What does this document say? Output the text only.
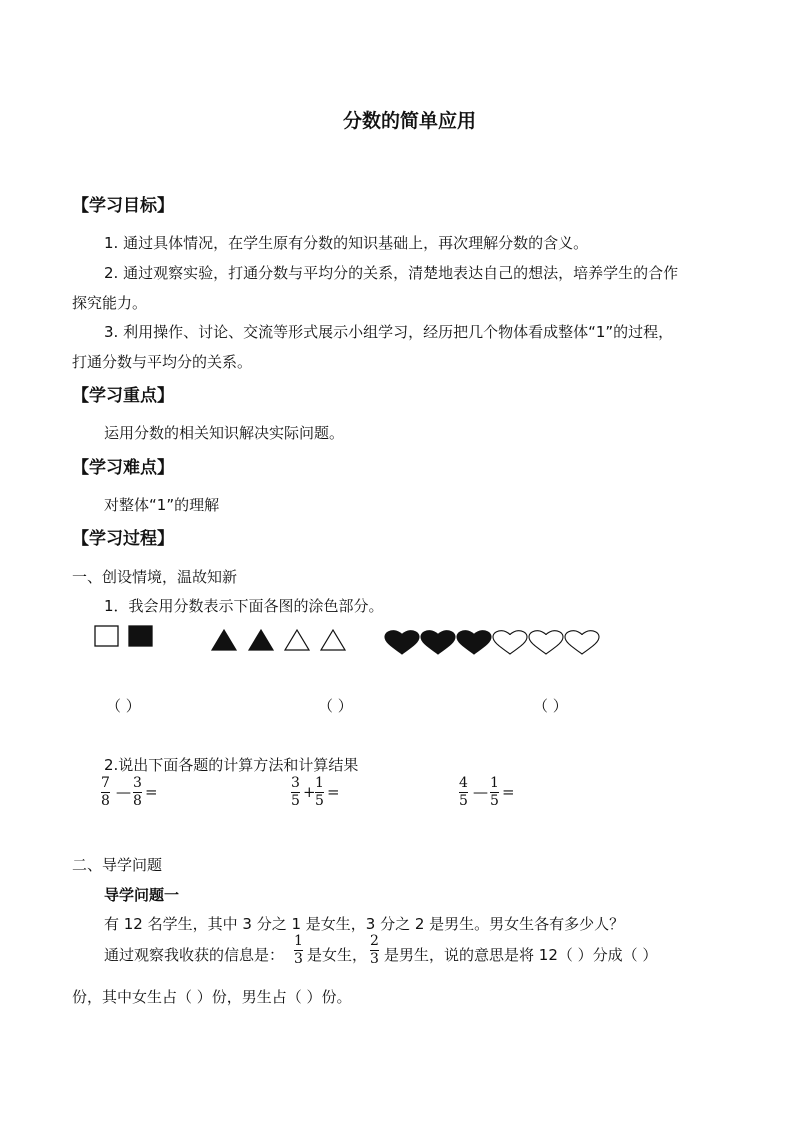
分数的简单应用
【学习目标】
1. 通过具体情况，在学生原有分数的知识基础上，再次理解分数的含义。
2. 通过观察实验，打通分数与平均分的关系，清楚地表达自己的想法，培养学生的合作
探究能力。
3. 利用操作、讨论、交流等形式展示小组学习，经历把几个物体看成整体“1”的过程，
打通分数与平均分的关系。
【学习重点】
运用分数的相关知识解决实际问题。
【学习难点】
对整体“1”的理解
【学习过程】
一、创设情境，温故知新
1．我会用分数表示下面各图的涂色部分。
（ ）	（ ）	（ ）
2.说出下面各题的计算方法和计算结果
7
8 — 3
8 =	3
5 + 1
5 =	4
5 — 1
5 =
二、导学问题
导学问题一
有 12 名学生，其中 3 分之 1 是女生，3 分之 2 是男生。男女生各有多少人？
通过观察我收获的信息是：
1
3 是女生，
2
3 是男生，说的意思是将 12（ ）分成（ ）
份，其中女生占（ ）份，男生占（ ）份。
